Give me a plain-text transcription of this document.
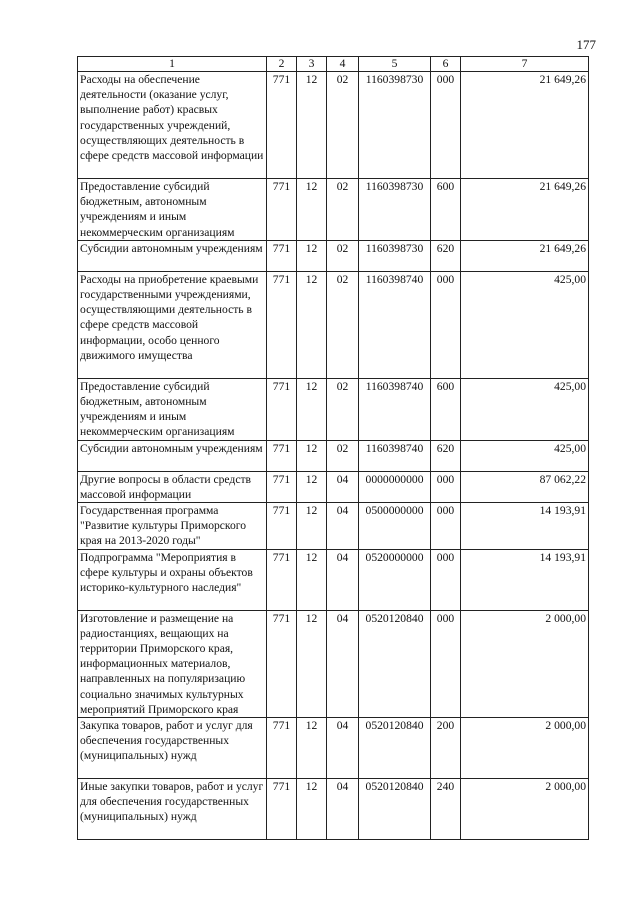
177
1	2	3	4	5	6	7
Расходы на обеспечение деятельности (оказание услуг, выполнение работ) красвых государственных учреждений, осуществляющих деятельность в сфере средств массовой информации	771	12	02	1160398730	000	21 649,26
Предоставление субсидий бюджетным, автономным учреждениям и иным некоммерческим организациям	771	12	02	1160398730	600	21 649,26
Субсидии автономным учреждениям	771	12	02	1160398730	620	21 649,26
Расходы на приобретение краевыми государственными учреждениями, осуществляющими деятельность в сфере средств массовой информации, особо ценного движимого имущества	771	12	02	1160398740	000	425,00
Предоставление субсидий бюджетным, автономным учреждениям и иным некоммерческим организациям	771	12	02	1160398740	600	425,00
Субсидии автономным учреждениям	771	12	02	1160398740	620	425,00
Другие вопросы в области средств массовой информации	771	12	04	0000000000	000	87 062,22
Государственная программа "Развитие культуры Приморского края на 2013-2020 годы"	771	12	04	0500000000	000	14 193,91
Подпрограмма "Мероприятия в сфере культуры и охраны объектов историко-культурного наследия"	771	12	04	0520000000	000	14 193,91
Изготовление и размещение на радиостанциях, вещающих на территории Приморского края, информационных материалов, направленных на популяризацию социально значимых культурных мероприятий Приморского края	771	12	04	0520120840	000	2 000,00
Закупка товаров, работ и услуг для обеспечения государственных (муниципальных) нужд	771	12	04	0520120840	200	2 000,00
Иные закупки товаров, работ и услуг для обеспечения государственных (муниципальных) нужд	771	12	04	0520120840	240	2 000,00
